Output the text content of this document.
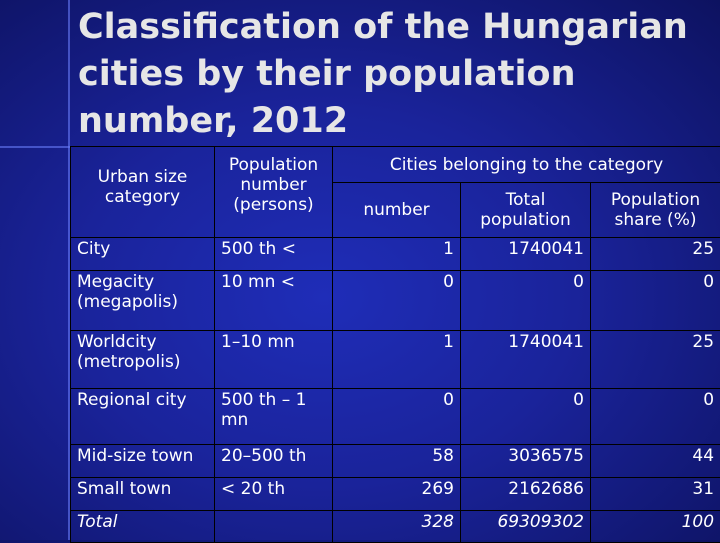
Classification of the Hungarian cities by their population number, 2012
Urban size category	Population number (persons)	Cities belonging to the category		
		number	Total population	Population share (%)
City	500 th <	1	1740041	25
Megacity (megapolis)	10 mn <	0	0	0
Worldcity (metropolis)	1–10 mn	1	1740041	25
Regional city	500 th – 1 mn	0	0	0
Mid-size town	20–500 th	58	3036575	44
Small town	< 20 th	269	2162686	31
Total		328	69309302	100
